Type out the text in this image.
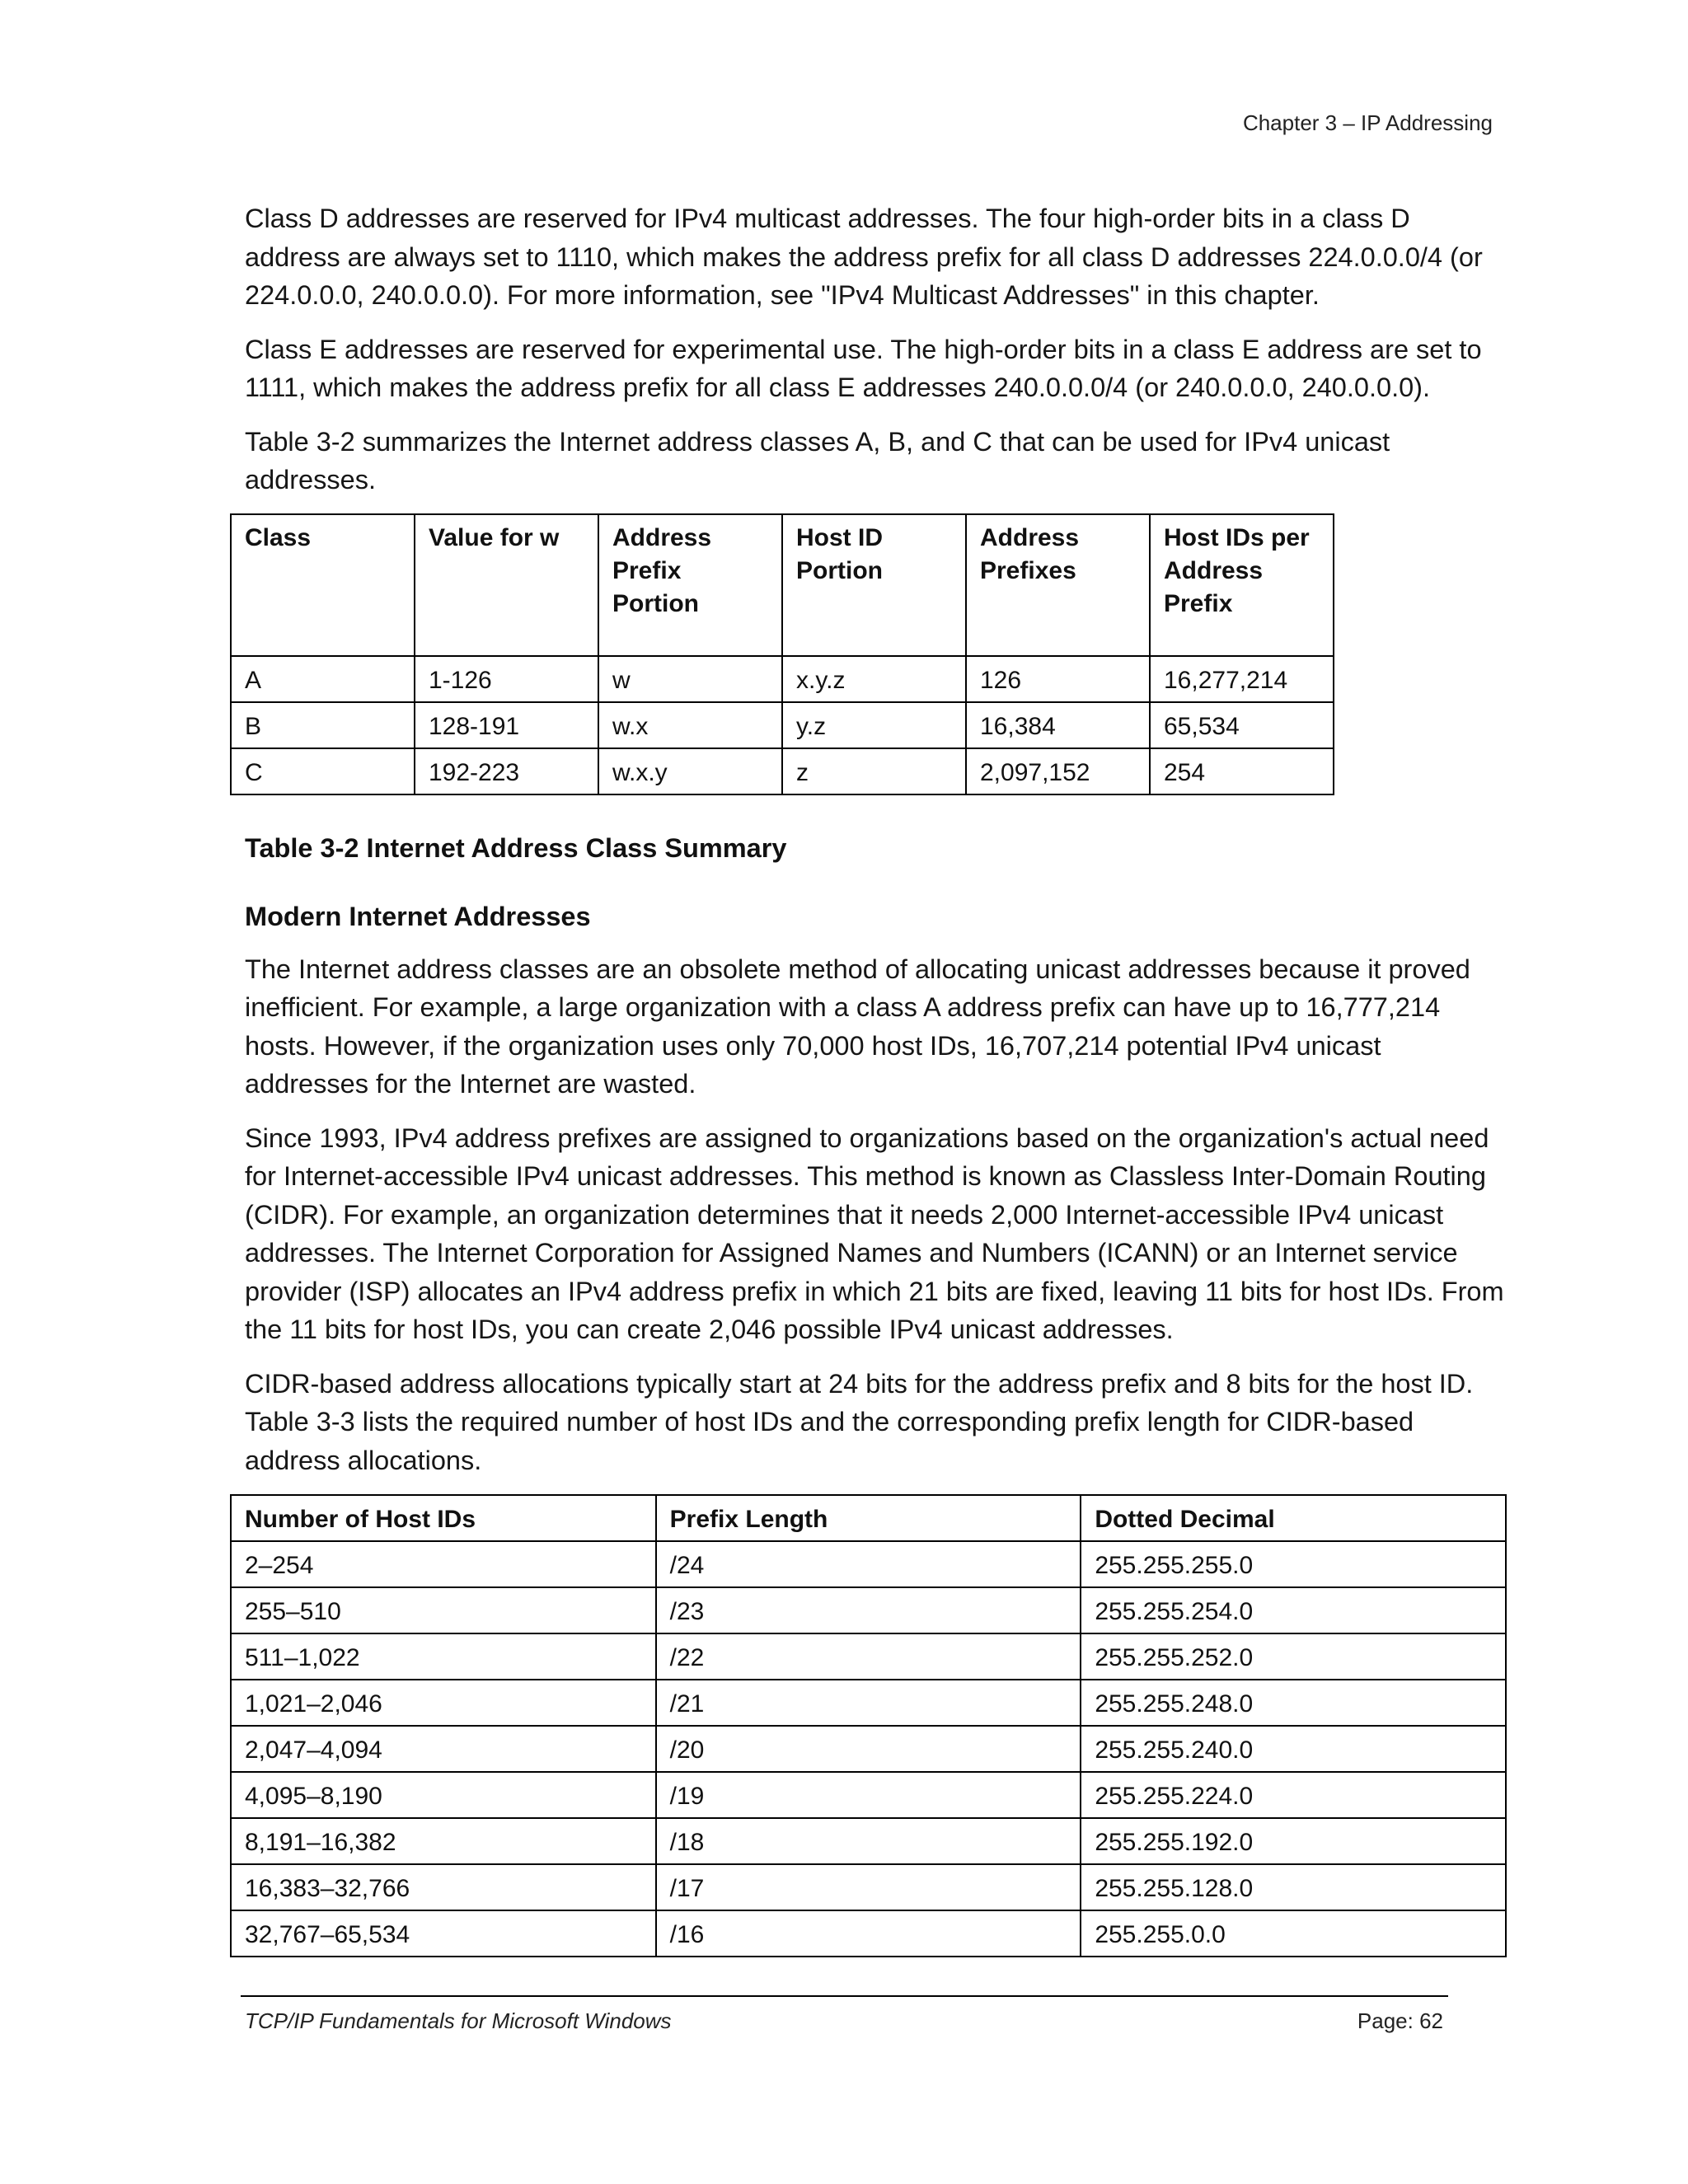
Chapter 3 – IP Addressing

Class D addresses are reserved for IPv4 multicast addresses. The four high-order bits in a class D address are always set to 1110, which makes the address prefix for all class D addresses 224.0.0.0/4 (or 224.0.0.0, 240.0.0.0). For more information, see "IPv4 Multicast Addresses" in this chapter.

Class E addresses are reserved for experimental use. The high-order bits in a class E address are set to 1111, which makes the address prefix for all class E addresses 240.0.0.0/4 (or 240.0.0.0, 240.0.0.0).

Table 3-2 summarizes the Internet address classes A, B, and C that can be used for IPv4 unicast addresses.

Class	Value for w	Address Prefix Portion	Host ID Portion	Address Prefixes	Host IDs per Address Prefix
A	1-126	w	x.y.z	126	16,277,214
B	128-191	w.x	y.z	16,384	65,534
C	192-223	w.x.y	z	2,097,152	254
Table 3-2 Internet Address Class Summary
Modern Internet Addresses

The Internet address classes are an obsolete method of allocating unicast addresses because it proved inefficient. For example, a large organization with a class A address prefix can have up to 16,777,214 hosts. However, if the organization uses only 70,000 host IDs, 16,707,214 potential IPv4 unicast addresses for the Internet are wasted.

Since 1993, IPv4 address prefixes are assigned to organizations based on the organization's actual need for Internet-accessible IPv4 unicast addresses. This method is known as Classless Inter-Domain Routing (CIDR). For example, an organization determines that it needs 2,000 Internet-accessible IPv4 unicast addresses. The Internet Corporation for Assigned Names and Numbers (ICANN) or an Internet service provider (ISP) allocates an IPv4 address prefix in which 21 bits are fixed, leaving 11 bits for host IDs. From the 11 bits for host IDs, you can create 2,046 possible IPv4 unicast addresses.

CIDR-based address allocations typically start at 24 bits for the address prefix and 8 bits for the host ID. Table 3-3 lists the required number of host IDs and the corresponding prefix length for CIDR-based address allocations.

Number of Host IDs	Prefix Length	Dotted Decimal
2–254	/24	255.255.255.0
255–510	/23	255.255.254.0
511–1,022	/22	255.255.252.0
1,021–2,046	/21	255.255.248.0
2,047–4,094	/20	255.255.240.0
4,095–8,190	/19	255.255.224.0
8,191–16,382	/18	255.255.192.0
16,383–32,766	/17	255.255.128.0
32,767–65,534	/16	255.255.0.0
TCP/IP Fundamentals for Microsoft Windows	Page: 62
